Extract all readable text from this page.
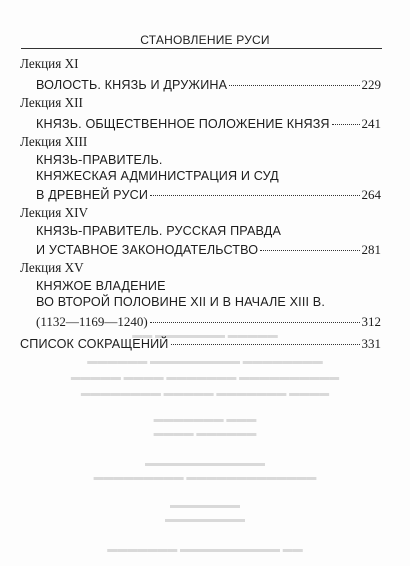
▬▬ ▬▬▬▬▬▬▬ ▬▬▬▬▬
▬▬▬▬▬▬ ▬▬▬▬▬▬▬▬▬ ▬▬▬▬▬▬▬▬
▬▬▬▬▬ ▬▬▬▬ ▬▬▬▬▬▬▬ ▬▬▬▬▬▬▬▬▬▬
▬▬▬▬▬▬▬▬ ▬▬▬▬▬ ▬▬▬▬▬▬▬ ▬▬▬▬
▬▬▬▬▬▬▬ ▬▬▬
▬▬▬▬ ▬▬▬▬▬▬
▬▬▬▬▬▬▬▬▬▬▬▬
▬▬▬▬▬▬▬▬▬ ▬▬▬▬▬▬▬▬▬▬▬▬▬
▬▬▬▬▬▬▬
▬▬▬▬▬▬▬▬
▬▬▬▬▬▬▬ ▬▬▬▬▬▬▬▬▬▬ ▬▬
СТАНОВЛЕНИЕ РУСИ
Лекция XI
ВОЛОСТЬ. КНЯЗЬ И ДРУЖИНА	229
Лекция XII
КНЯЗЬ. ОБЩЕСТВЕННОЕ ПОЛОЖЕНИЕ КНЯЗЯ 241
Лекция XIII
КНЯЗЬ-ПРАВИТЕЛЬ.
КНЯЖЕСКАЯ АДМИНИСТРАЦИЯ И СУД
В ДРЕВНЕЙ РУСИ	264
Лекция XIV
КНЯЗЬ-ПРАВИТЕЛЬ. РУССКАЯ ПРАВДА
И УСТАВНОЕ ЗАКОНОДАТЕЛЬСТВО	281
Лекция XV
КНЯЖОЕ ВЛАДЕНИЕ
ВО ВТОРОЙ ПОЛОВИНЕ XII И В НАЧАЛЕ XIII В.
(1132—1169—1240)	312
СПИСОК СОКРАЩЕНИЙ	331
